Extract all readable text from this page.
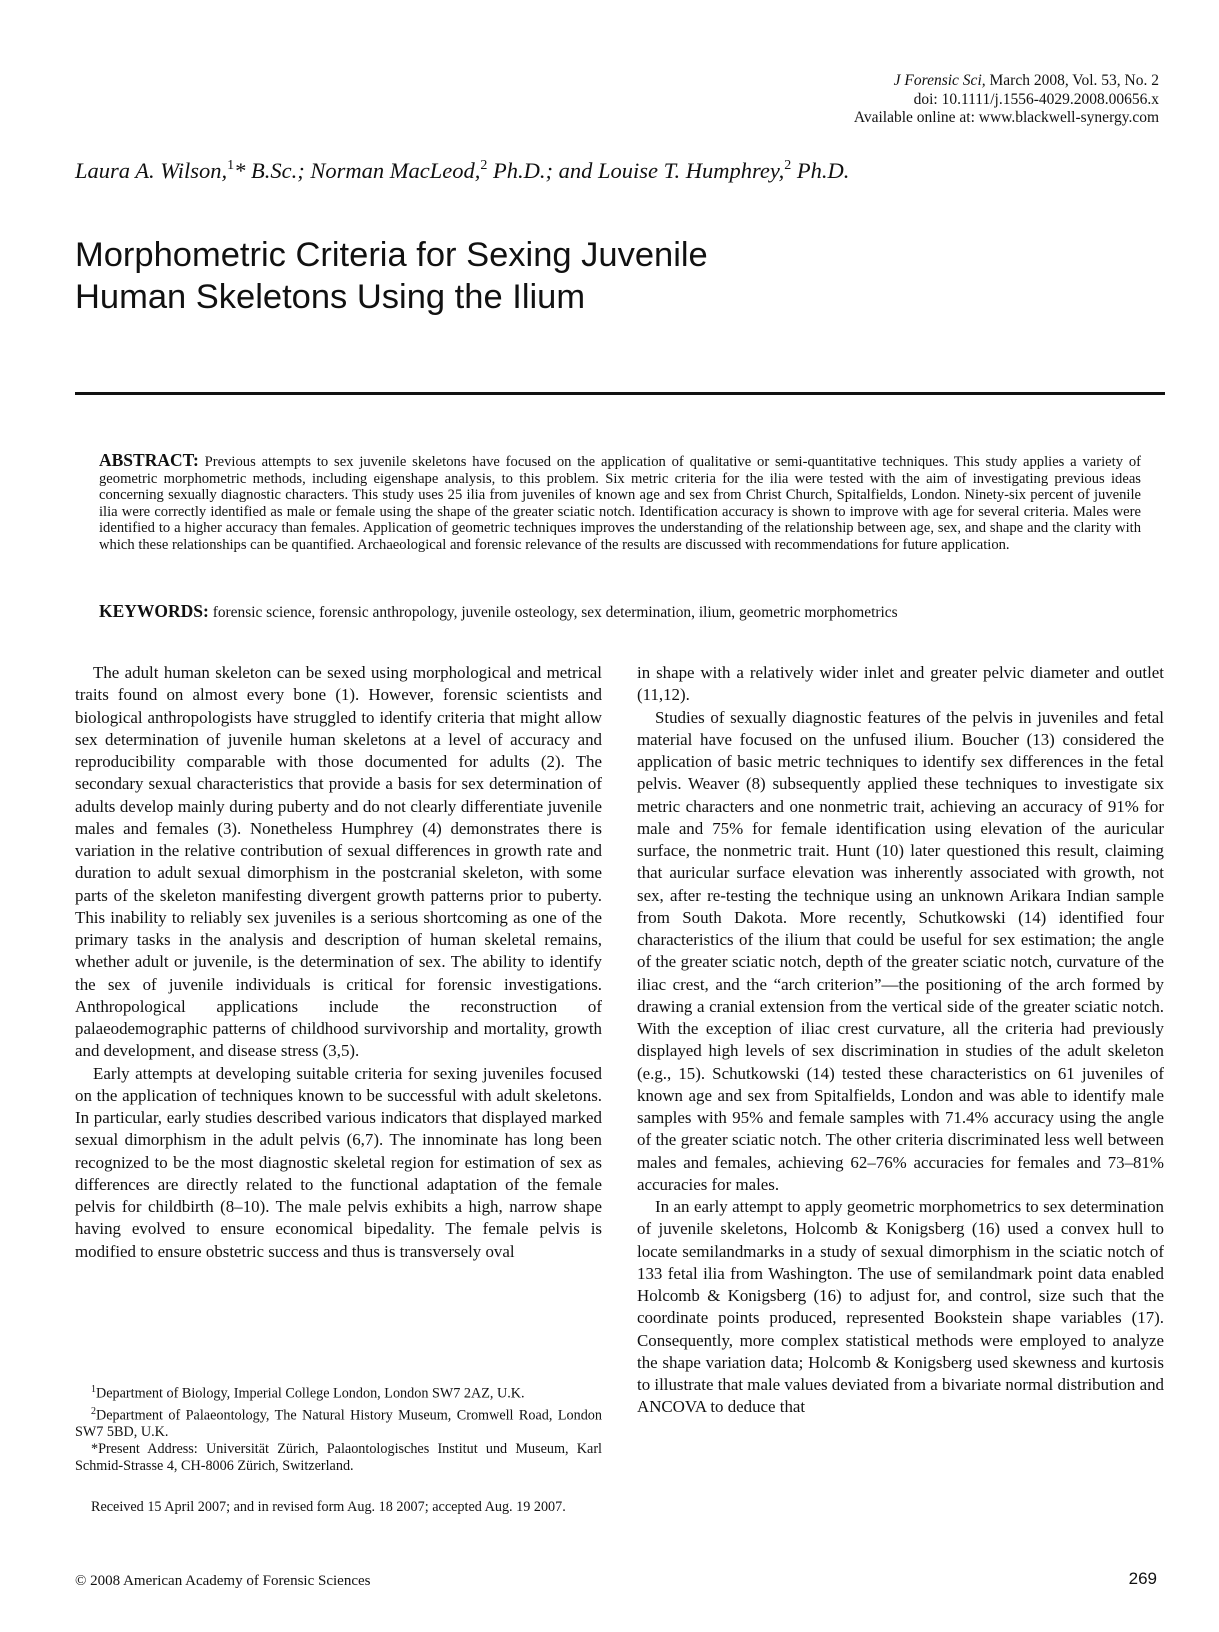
J Forensic Sci, March 2008, Vol. 53, No. 2
doi: 10.1111/j.1556-4029.2008.00656.x
Available online at: www.blackwell-synergy.com
Laura A. Wilson,$^1$* B.Sc.; Norman MacLeod,$^2$ Ph.D.; and Louise T. Humphrey,$^2$ Ph.D.
Morphometric Criteria for Sexing Juvenile
Human Skeletons Using the Ilium
ABSTRACT: Previous attempts to sex juvenile skeletons have focused on the application of qualitative or semi-quantitative techniques. This study applies a variety of geometric morphometric methods, including eigenshape analysis, to this problem. Six metric criteria for the ilia were tested with the aim of investigating previous ideas concerning sexually diagnostic characters. This study uses 25 ilia from juveniles of known age and sex from Christ Church, Spitalfields, London. Ninety-six percent of juvenile ilia were correctly identified as male or female using the shape of the greater sciatic notch. Identification accuracy is shown to improve with age for several criteria. Males were identified to a higher accuracy than females. Application of geometric techniques improves the understanding of the relationship between age, sex, and shape and the clarity with which these relationships can be quantified. Archaeological and forensic relevance of the results are discussed with recommendations for future application.
KEYWORDS: forensic science, forensic anthropology, juvenile osteology, sex determination, ilium, geometric morphometrics

The adult human skeleton can be sexed using morphological and metrical traits found on almost every bone (1). However, forensic scientists and biological anthropologists have struggled to identify criteria that might allow sex determination of juvenile human skeletons at a level of accuracy and reproducibility comparable with those documented for adults (2). The secondary sexual characteristics that provide a basis for sex determination of adults develop mainly during puberty and do not clearly differentiate juvenile males and females (3). Nonetheless Humphrey (4) demonstrates there is variation in the relative contribution of sexual differences in growth rate and duration to adult sexual dimorphism in the postcranial skeleton, with some parts of the skeleton manifesting divergent growth patterns prior to puberty. This inability to reliably sex juveniles is a serious shortcoming as one of the primary tasks in the analysis and description of human skeletal remains, whether adult or juvenile, is the determination of sex. The ability to identify the sex of juvenile individuals is critical for forensic investigations. Anthropological applications include the reconstruction of palaeodemographic patterns of childhood survivorship and mortality, growth and development, and disease stress (3,5).

Early attempts at developing suitable criteria for sexing juveniles focused on the application of techniques known to be successful with adult skeletons. In particular, early studies described various indicators that displayed marked sexual dimorphism in the adult pelvis (6,7). The innominate has long been recognized to be the most diagnostic skeletal region for estimation of sex as differences are directly related to the functional adaptation of the female pelvis for childbirth (8–10). The male pelvis exhibits a high, narrow shape having evolved to ensure economical bipedality. The female pelvis is modified to ensure obstetric success and thus is transversely oval

in shape with a relatively wider inlet and greater pelvic diameter and outlet (11,12).

Studies of sexually diagnostic features of the pelvis in juveniles and fetal material have focused on the unfused ilium. Boucher (13) considered the application of basic metric techniques to identify sex differences in the fetal pelvis. Weaver (8) subsequently applied these techniques to investigate six metric characters and one nonmetric trait, achieving an accuracy of 91% for male and 75% for female identification using elevation of the auricular surface, the nonmetric trait. Hunt (10) later questioned this result, claiming that auricular surface elevation was inherently associated with growth, not sex, after re-testing the technique using an unknown Arikara Indian sample from South Dakota. More recently, Schutkowski (14) identified four characteristics of the ilium that could be useful for sex estimation; the angle of the greater sciatic notch, depth of the greater sciatic notch, curvature of the iliac crest, and the “arch criterion”—the positioning of the arch formed by drawing a cranial extension from the vertical side of the greater sciatic notch. With the exception of iliac crest curvature, all the criteria had previously displayed high levels of sex discrimination in studies of the adult skeleton (e.g., 15). Schutkowski (14) tested these characteristics on 61 juveniles of known age and sex from Spitalfields, London and was able to identify male samples with 95% and female samples with 71.4% accuracy using the angle of the greater sciatic notch. The other criteria discriminated less well between males and females, achieving 62–76% accuracies for females and 73–81% accuracies for males.

In an early attempt to apply geometric morphometrics to sex determination of juvenile skeletons, Holcomb & Konigsberg (16) used a convex hull to locate semilandmarks in a study of sexual dimorphism in the sciatic notch of 133 fetal ilia from Washington. The use of semilandmark point data enabled Holcomb & Konigsberg (16) to adjust for, and control, size such that the coordinate points produced, represented Bookstein shape variables (17). Consequently, more complex statistical methods were employed to analyze the shape variation data; Holcomb & Konigsberg used skewness and kurtosis to illustrate that male values deviated from a bivariate normal distribution and ANCOVA to deduce that

$^1$Department of Biology, Imperial College London, London SW7 2AZ, U.K.

$^2$Department of Palaeontology, The Natural History Museum, Cromwell Road, London SW7 5BD, U.K.

*Present Address: Universität Zürich, Palaontologisches Institut und Museum, Karl Schmid-Strasse 4, CH-8006 Zürich, Switzerland.

Received 15 April 2007; and in revised form Aug. 18 2007; accepted Aug. 19 2007.
© 2008 American Academy of Forensic Sciences	269
